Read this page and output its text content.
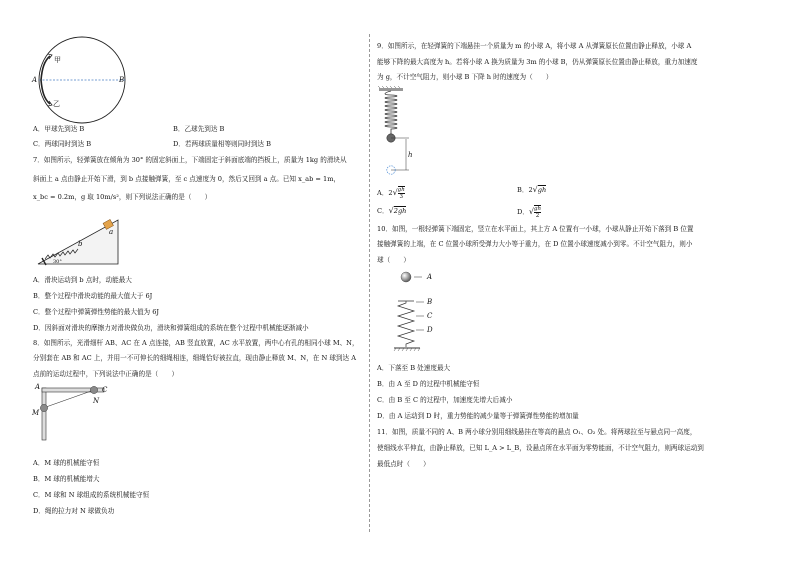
A	B
甲
乙
A．甲球先到达 B	B．乙球先到达 B
C．两球同时到达 B	D．若两球质量相等则同时到达 B
7．如图所示，轻弹簧放在倾角为 30° 的固定斜面上，下端固定于斜面底端的挡板上，质量为 1kg 的滑块从
斜面上 a 点由静止开始下滑，到 b 点接触弹簧，至 c 点速度为 0，然后又回到 a 点。已知 x_ab = 1m，
x_bc = 0.2m，g 取 10m/s²，则下列说法正确的是（　　）
a
b
30°
A．滑块运动到 b 点时，动能最大
B．整个过程中滑块动能的最大值大于 6J
C．整个过程中弹簧弹性势能的最大值为 6J
D．因斜面对滑块的摩擦力对滑块做负功，滑块和弹簧组成的系统在整个过程中机械能逐渐减小
8．如图所示，光滑细杆 AB、AC 在 A 点连接，AB 竖直放置，AC 水平放置，两中心有孔的相同小球 M、N，
分别套在 AB 和 AC 上，并用一不可伸长的细绳相连，细绳恰好被拉直，现由静止释放 M、N，在 N 球到达 A
点前的运动过程中，下列说法中正确的是（　　）
A	C
M
N
A．M 球的机械能守恒
B．M 球的机械能增大
C．M 球和 N 球组成的系统机械能守恒
D．绳的拉力对 N 球做负功
9．如图所示，在轻弹簧的下端悬挂一个质量为 m 的小球 A，将小球 A 从弹簧原长位置由静止释放，小球 A
能够下降的最大高度为 h。若将小球 A 换为质量为 3m 的小球 B，仍从弹簧原长位置由静止释放，重力加速度
为 g，不计空气阻力，则小球 B 下降 h 时的速度为（　　）
h
A．$2√ \frac{gh}{3}$	B．2√gh
C．√2gh	D．√ $\frac{gh}{2}$
10．如图，一根轻弹簧下端固定，竖立在水平面上，其上方 A 位置有一小球，小球从静止开始下落到 B 位置
接触弹簧的上端，在 C 位置小球所受弹力大小等于重力，在 D 位置小球速度减小到零。不计空气阻力，则小
球（　　）
A
B
C
D
A．下落至 B 处速度最大
B．由 A 至 D 的过程中机械能守恒
C．由 B 至 C 的过程中，加速度先增大后减小
D．由 A 运动到 D 时，重力势能的减少量等于弹簧弹性势能的增加量
11．如图，质量不同的 A、B 两小球分别用细线悬挂在等高的悬点 O₁、O₂ 处。将两球拉至与悬点同一高度，
使细线水平伸直，由静止释放，已知 L_A > L_B，设悬点所在水平面为零势能面，不计空气阻力，则两球运动到
最低点时（　　）
